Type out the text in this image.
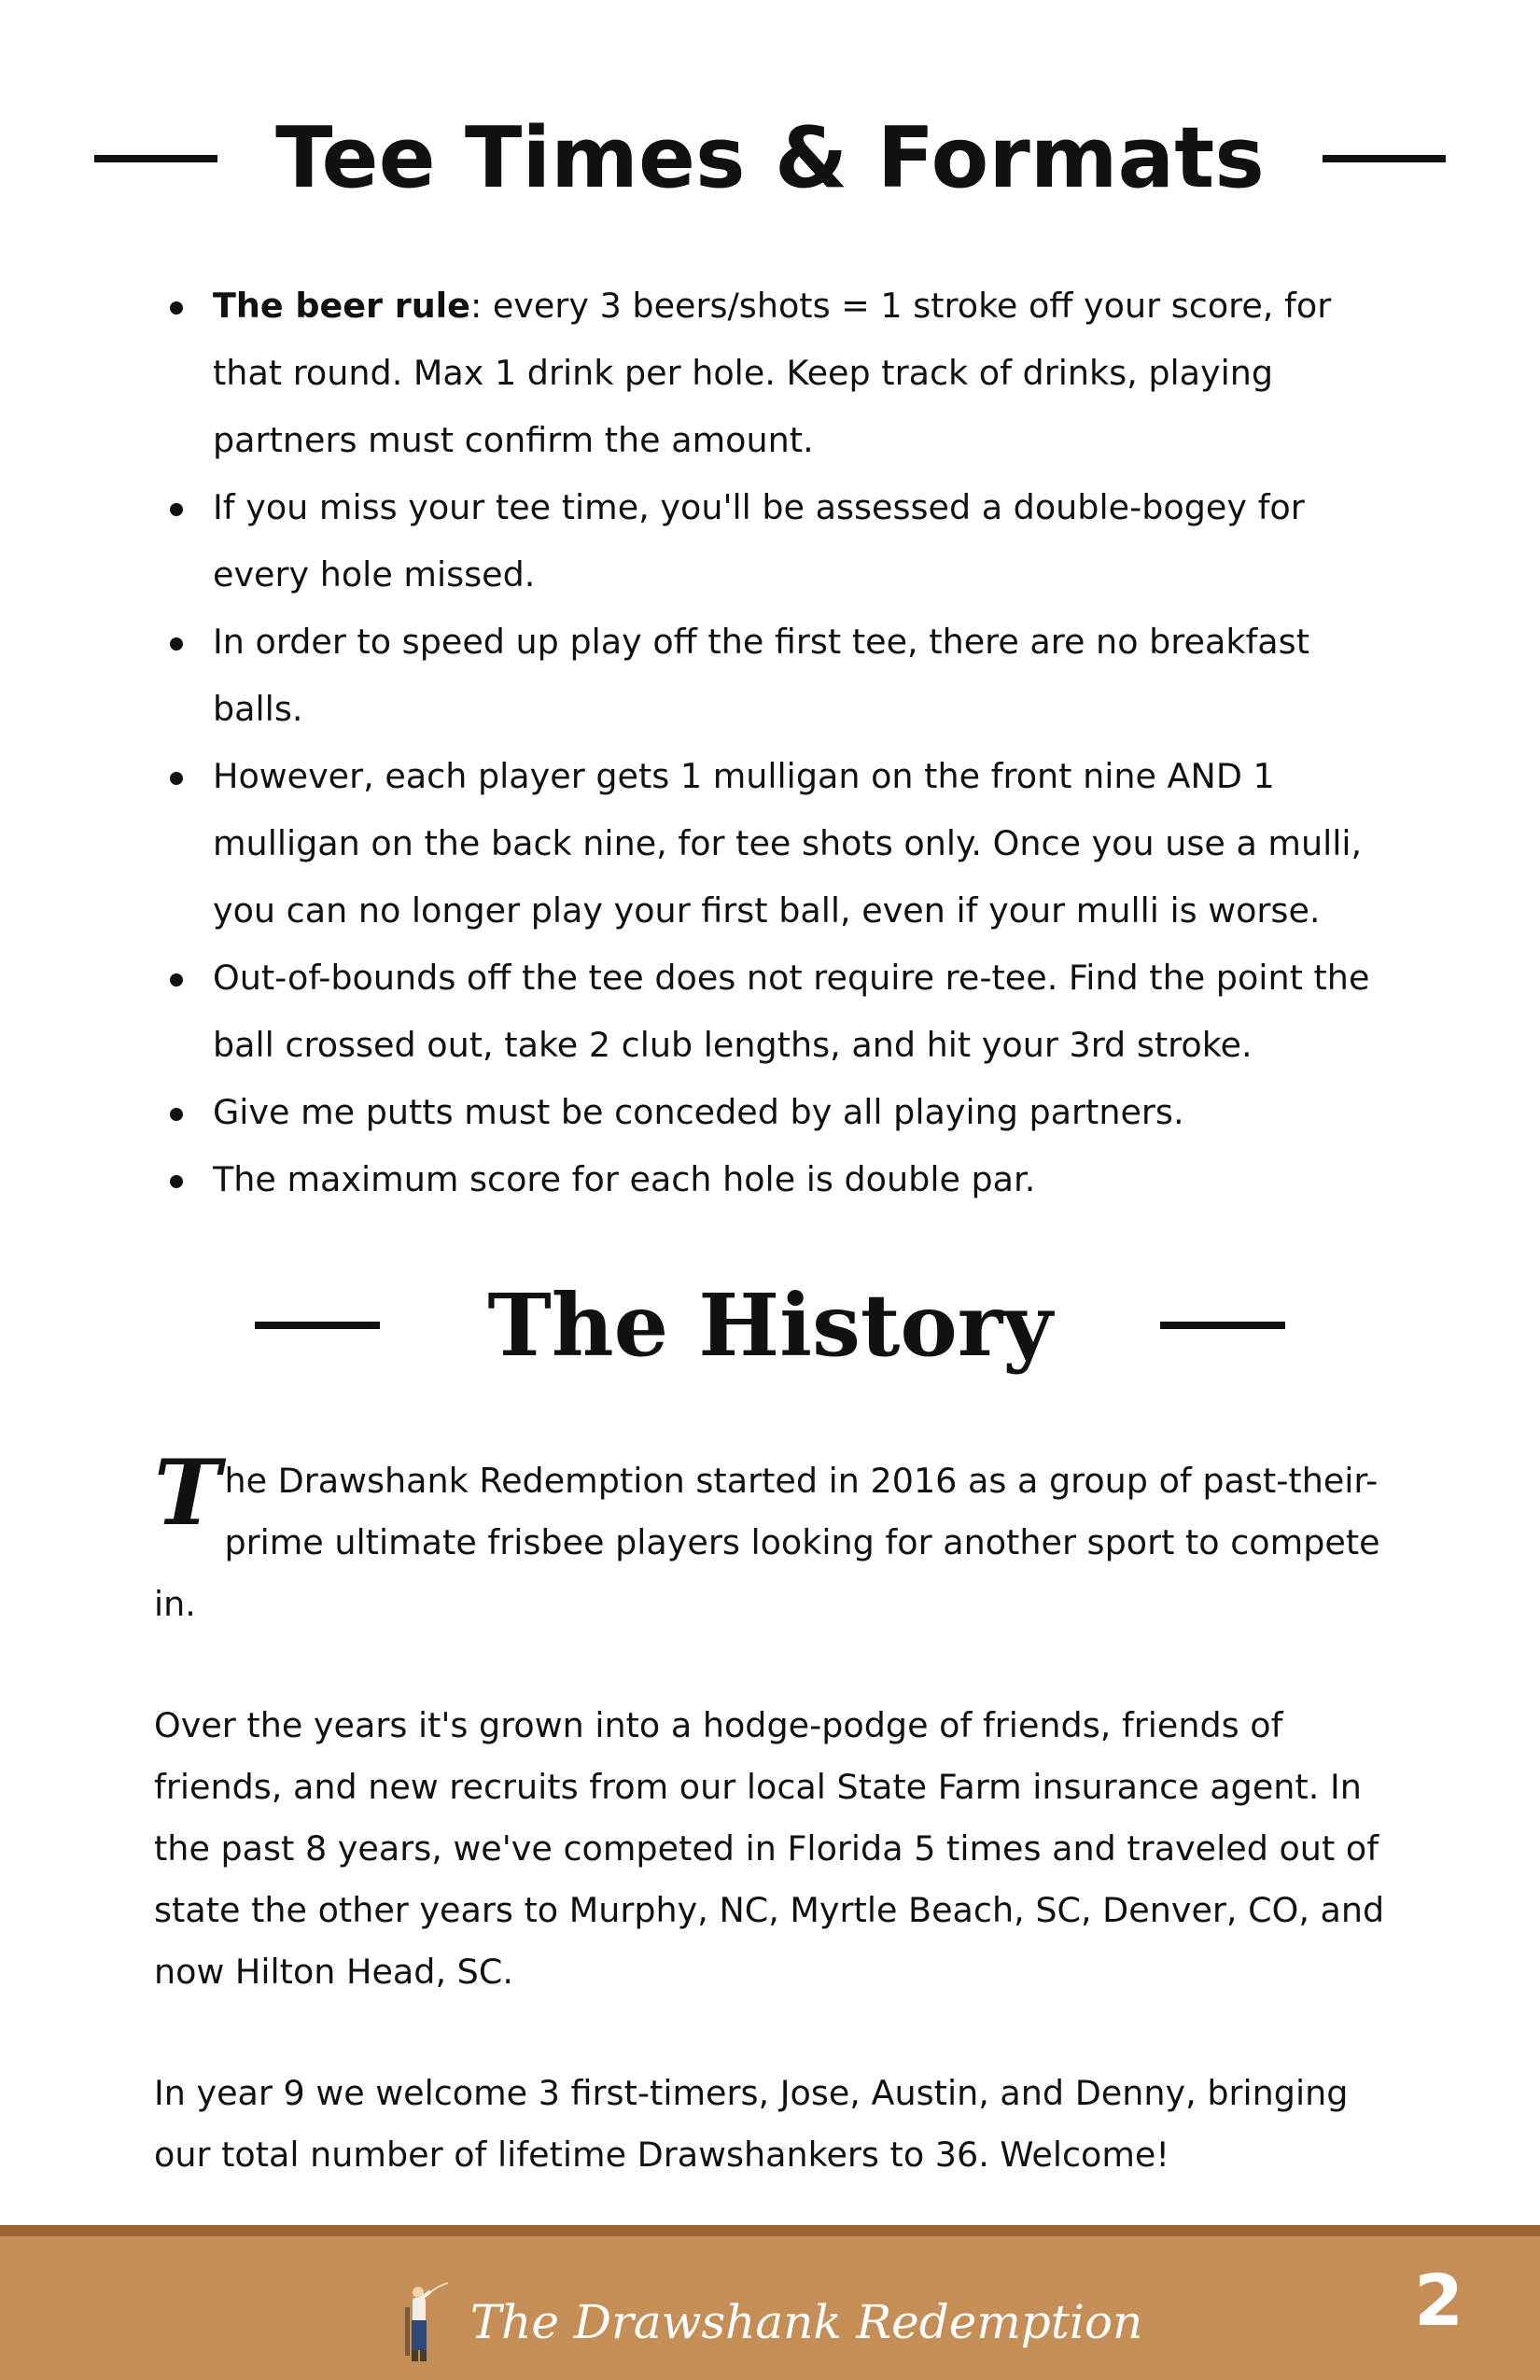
Tee Times & Formats
The beer rule: every 3 beers/shots = 1 stroke off your score, for that round. Max 1 drink per hole. Keep track of drinks, playing partners must confirm the amount.
If you miss your tee time, you'll be assessed a double-bogey for every hole missed.
In order to speed up play off the first tee, there are no breakfast balls.
However, each player gets 1 mulligan on the front nine AND 1 mulligan on the back nine, for tee shots only. Once you use a mulli, you can no longer play your first ball, even if your mulli is worse.
Out-of-bounds off the tee does not require re-tee. Find the point the ball crossed out, take 2 club lengths, and hit your 3rd stroke.
Give me putts must be conceded by all playing partners.
The maximum score for each hole is double par.
The History

The Drawshank Redemption started in 2016 as a group of past-their-prime ultimate frisbee players looking for another sport to compete in.

Over the years it's grown into a hodge-podge of friends, friends of friends, and new recruits from our local State Farm insurance agent. In the past 8 years, we've competed in Florida 5 times and traveled out of state the other years to Murphy, NC, Myrtle Beach, SC, Denver, CO, and now Hilton Head, SC.

In year 9 we welcome 3 first-timers, Jose, Austin, and Denny, bringing our total number of lifetime Drawshankers to 36. Welcome!

The Drawshank Redemption	2
